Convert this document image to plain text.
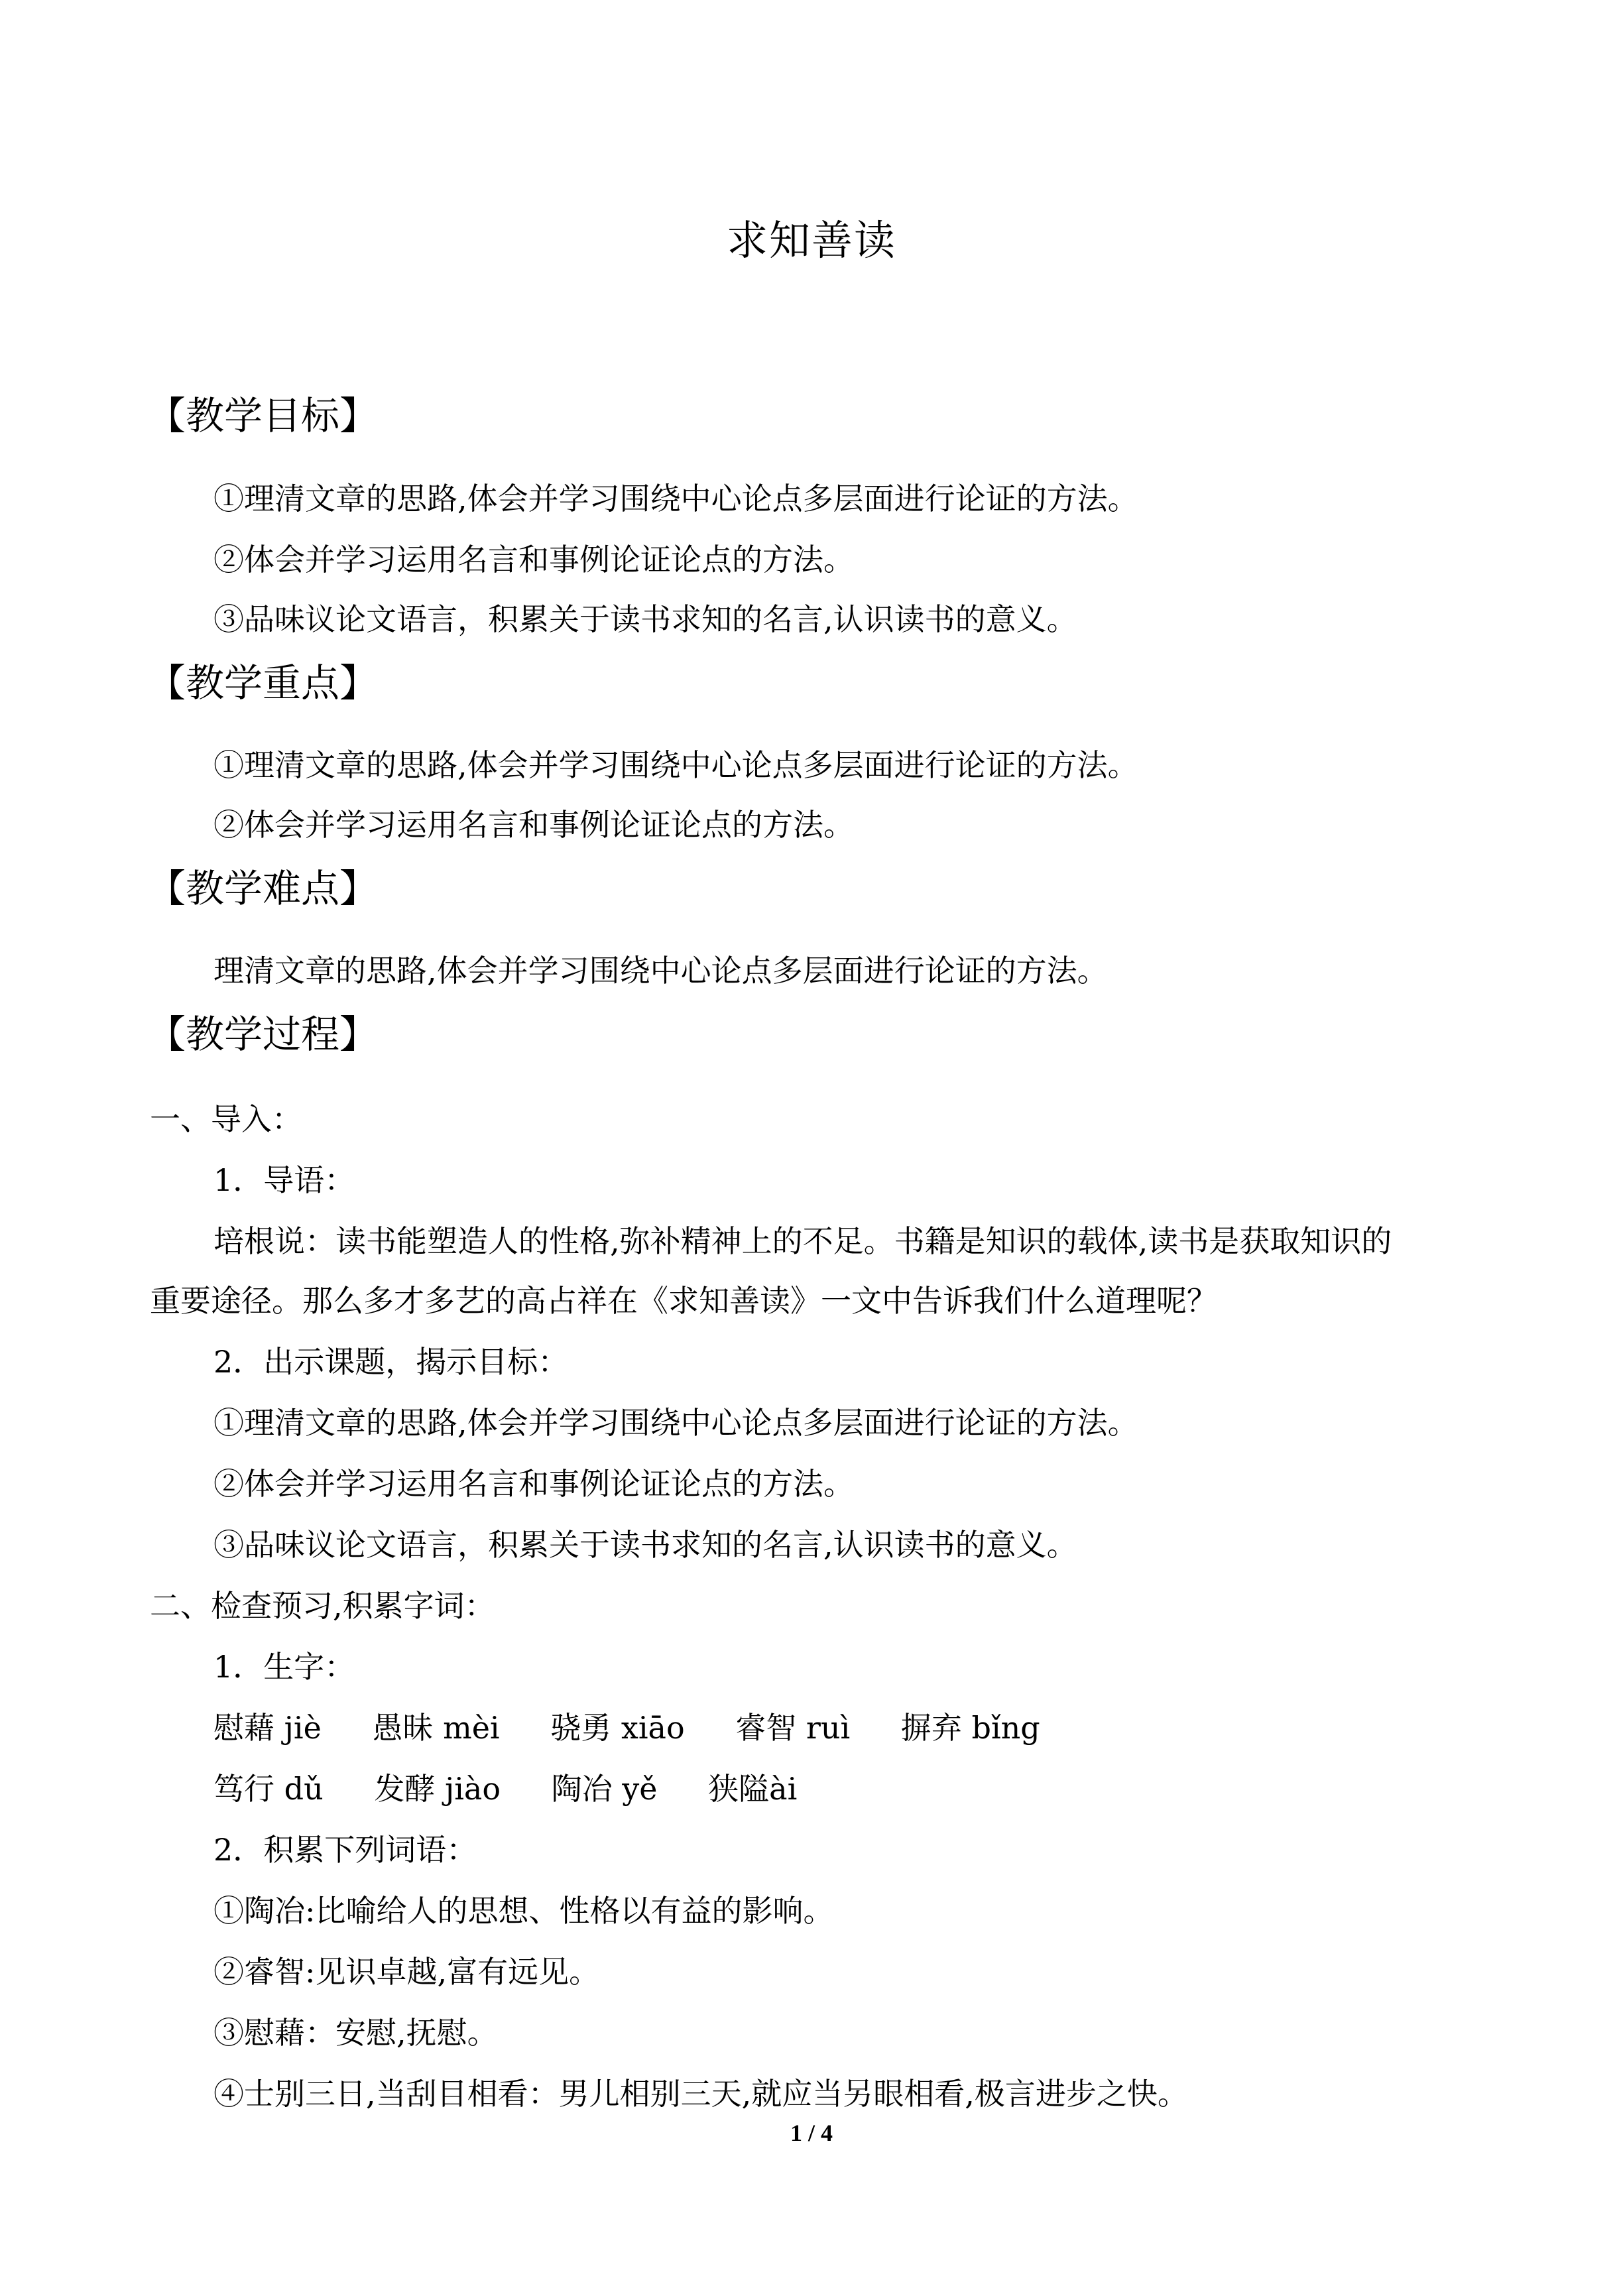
求知善读
【教学目标】
①理清文章的思路,体会并学习围绕中心论点多层面进行论证的方法。
②体会并学习运用名言和事例论证论点的方法。
③品味议论文语言，积累关于读书求知的名言,认识读书的意义。
【教学重点】
①理清文章的思路,体会并学习围绕中心论点多层面进行论证的方法。
②体会并学习运用名言和事例论证论点的方法。
【教学难点】
理清文章的思路,体会并学习围绕中心论点多层面进行论证的方法。
【教学过程】
一、导入：
1．导语：
培根说：读书能塑造人的性格,弥补精神上的不足。书籍是知识的载体,读书是获取知识的
重要途径。那么多才多艺的高占祥在《求知善读》一文中告诉我们什么道理呢？
2．出示课题，揭示目标：
①理清文章的思路,体会并学习围绕中心论点多层面进行论证的方法。
②体会并学习运用名言和事例论证论点的方法。
③品味议论文语言，积累关于读书求知的名言,认识读书的意义。
二、检查预习,积累字词：
1．生字：
慰藉 jiè 愚昧 mèi 骁勇 xiāo 睿智 ruì 摒弃 bǐng
笃行 dǔ 发酵 jiào 陶冶 yě 狭隘ài
2．积累下列词语：
①陶冶:比喻给人的思想、性格以有益的影响。
②睿智:见识卓越,富有远见。
③慰藉：安慰,抚慰。
④士别三日,当刮目相看：男儿相别三天,就应当另眼相看,极言进步之快。
1 / 4
